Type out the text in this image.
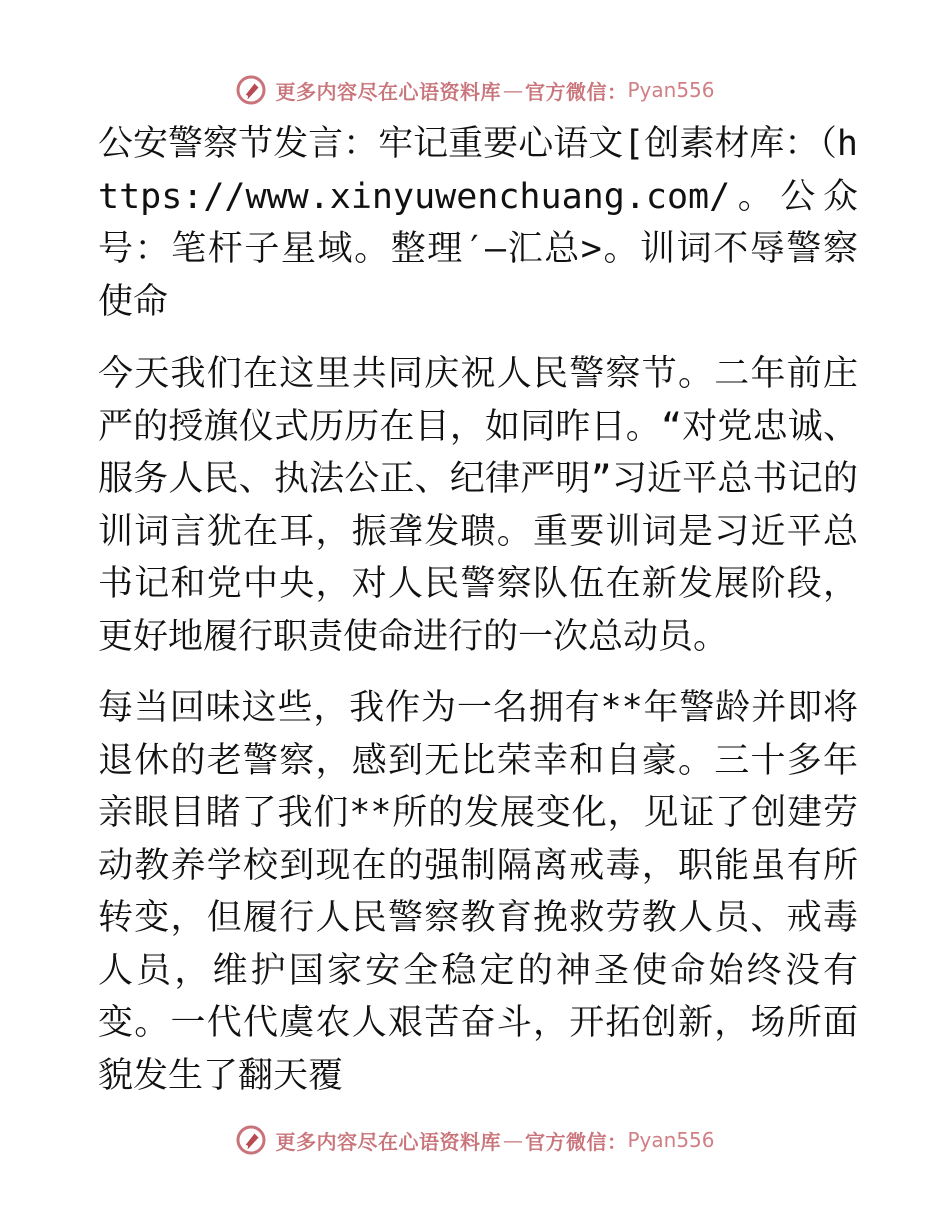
更多内容尽在心语资料库 — 官方微信： Pyan556

公安警察节发言：牢记重要心语文[创素材库：（https://www.xinyuwenchuang.com/。公众号：笔杆子星域。整理′—汇总>。训词不辱警察使命

今天我们在这里共同庆祝人民警察节。二年前庄严的授旗仪式历历在目，如同昨日。“对党忠诚、服务人民、执法公正、纪律严明”习近平总书记的训词言犹在耳，振聋发聩。重要训词是习近平总书记和党中央，对人民警察队伍在新发展阶段，更好地履行职责使命进行的一次总动员。

每当回味这些，我作为一名拥有**年警龄并即将退休的老警察，感到无比荣幸和自豪。三十多年亲眼目睹了我们**所的发展变化，见证了创建劳动教养学校到现在的强制隔离戒毒，职能虽有所转变，但履行人民警察教育挽救劳教人员、戒毒人员，维护国家安全稳定的神圣使命始终没有变。一代代虞农人艰苦奋斗，开拓创新，场所面貌发生了翻天覆

更多内容尽在心语资料库 — 官方微信： Pyan556
